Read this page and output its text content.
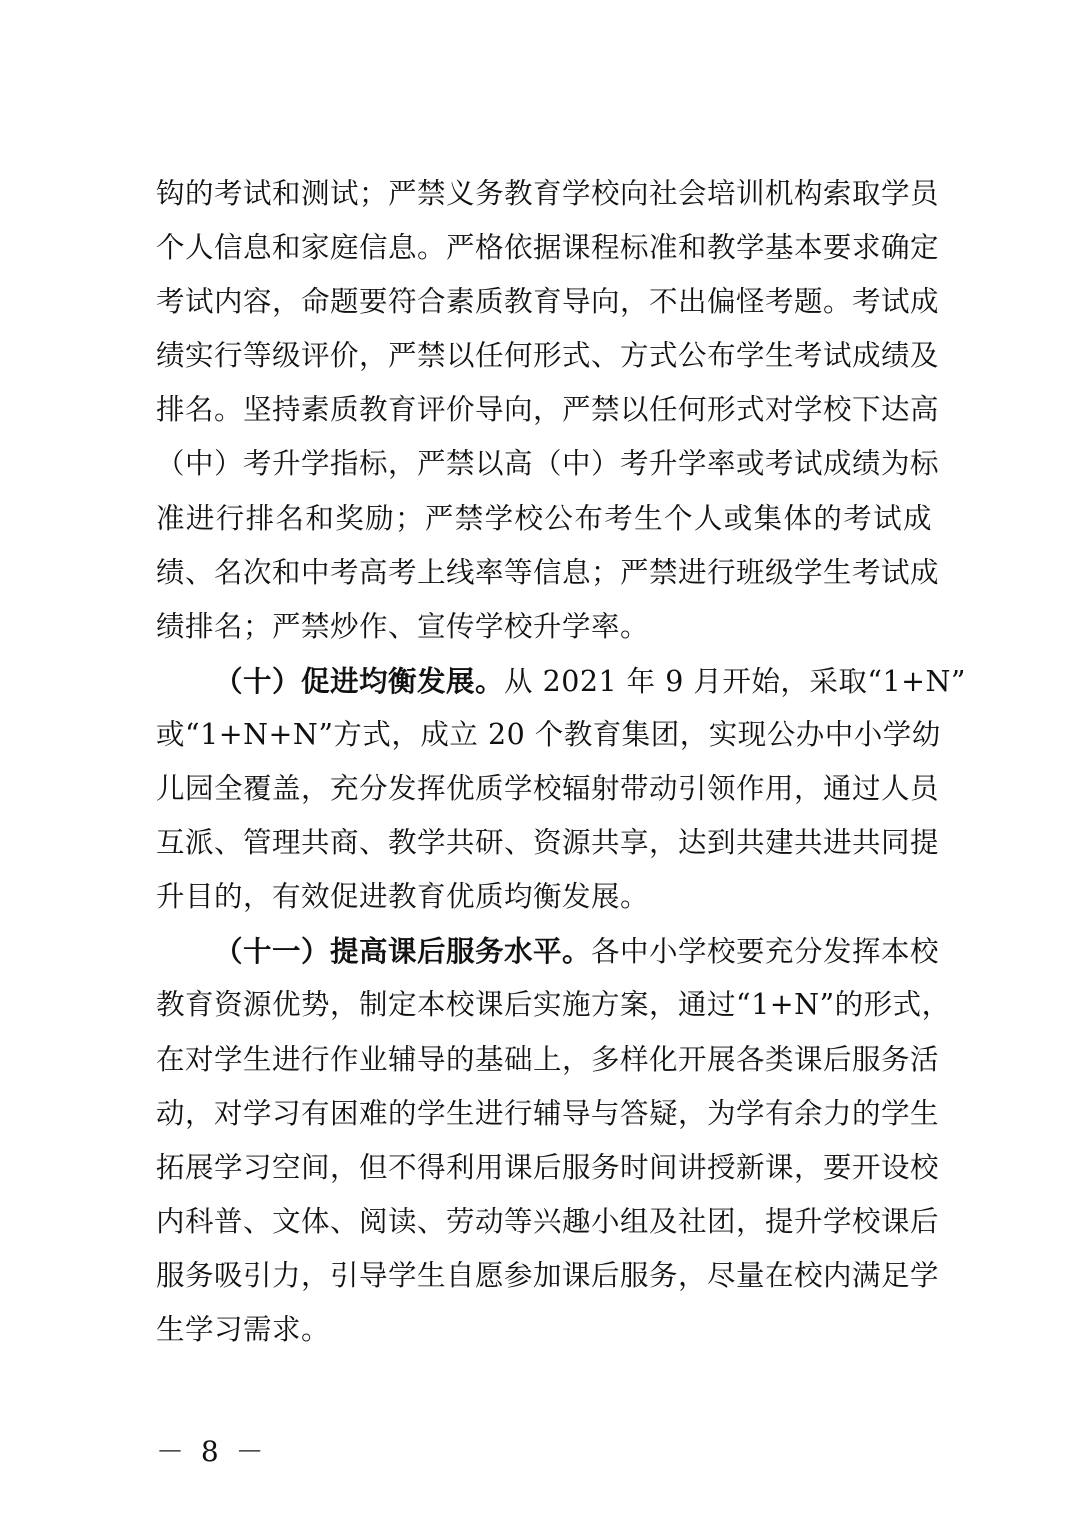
钩的考试和测试；严禁义务教育学校向社会培训机构索取学员
个人信息和家庭信息。严格依据课程标准和教学基本要求确定
考试内容，命题要符合素质教育导向，不出偏怪考题。考试成
绩实行等级评价，严禁以任何形式、方式公布学生考试成绩及
排名。坚持素质教育评价导向，严禁以任何形式对学校下达高
（中）考升学指标，严禁以高（中）考升学率或考试成绩为标
准进行排名和奖励；严禁学校公布考生个人或集体的考试成
绩、名次和中考高考上线率等信息；严禁进行班级学生考试成
绩排名；严禁炒作、宣传学校升学率。
（十）促进均衡发展。从 2021 年 9 月开始，采取“1+N”
或“1+N+N”方式，成立 20 个教育集团，实现公办中小学幼
儿园全覆盖，充分发挥优质学校辐射带动引领作用，通过人员
互派、管理共商、教学共研、资源共享，达到共建共进共同提
升目的，有效促进教育优质均衡发展。
（十一）提高课后服务水平。各中小学校要充分发挥本校
教育资源优势，制定本校课后实施方案，通过“1+N”的形式，
在对学生进行作业辅导的基础上，多样化开展各类课后服务活
动，对学习有困难的学生进行辅导与答疑，为学有余力的学生
拓展学习空间，但不得利用课后服务时间讲授新课，要开设校
内科普、文体、阅读、劳动等兴趣小组及社团，提升学校课后
服务吸引力，引导学生自愿参加课后服务，尽量在校内满足学
生学习需求。
－ 8 －
